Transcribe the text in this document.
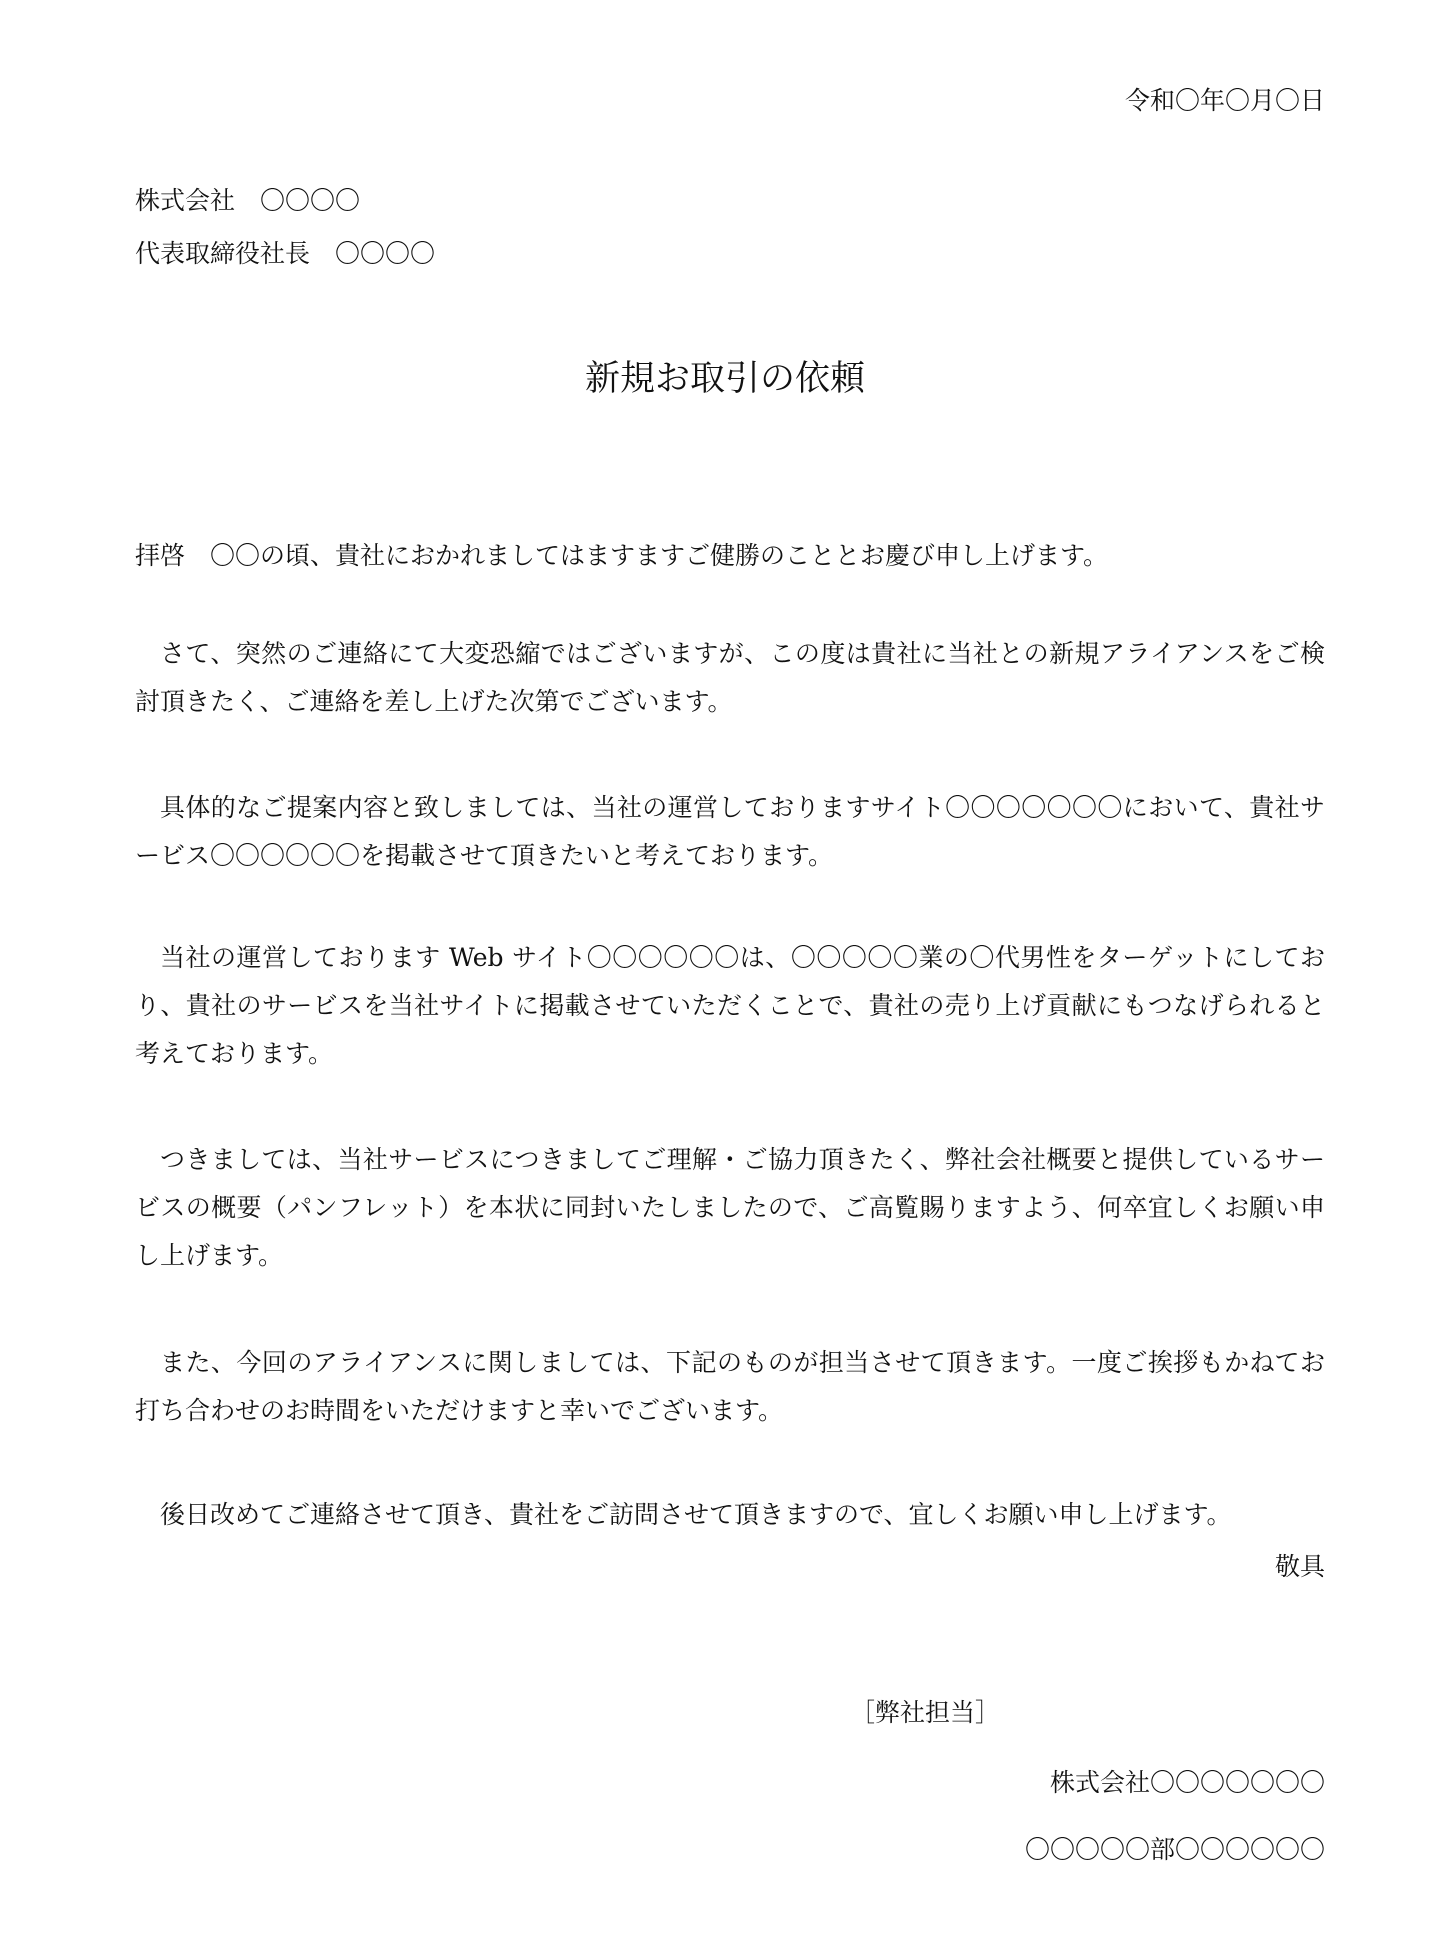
令和〇年〇月〇日
株式会社　〇〇〇〇
代表取締役社長　〇〇〇〇
新規お取引の依頼
拝啓　〇〇の頃、貴社におかれましてはますますご健勝のこととお慶び申し上げます。
さて、突然のご連絡にて大変恐縮ではございますが、この度は貴社に当社との新規アライアンスをご検討頂きたく、ご連絡を差し上げた次第でございます。
具体的なご提案内容と致しましては、当社の運営しておりますサイト〇〇〇〇〇〇〇において、貴社サービス〇〇〇〇〇〇を掲載させて頂きたいと考えております。
当社の運営しております Web サイト〇〇〇〇〇〇は、〇〇〇〇〇業の〇代男性をターゲットにしており、貴社のサービスを当社サイトに掲載させていただくことで、貴社の売り上げ貢献にもつなげられると考えております。
つきましては、当社サービスにつきましてご理解・ご協力頂きたく、弊社会社概要と提供しているサービスの概要（パンフレット）を本状に同封いたしましたので、ご高覧賜りますよう、何卒宜しくお願い申し上げます。
また、今回のアライアンスに関しましては、下記のものが担当させて頂きます。一度ご挨拶もかねてお打ち合わせのお時間をいただけますと幸いでございます。
後日改めてご連絡させて頂き、貴社をご訪問させて頂きますので、宜しくお願い申し上げます。
敬具
［弊社担当］
株式会社〇〇〇〇〇〇〇
〇〇〇〇〇部〇〇〇〇〇〇
